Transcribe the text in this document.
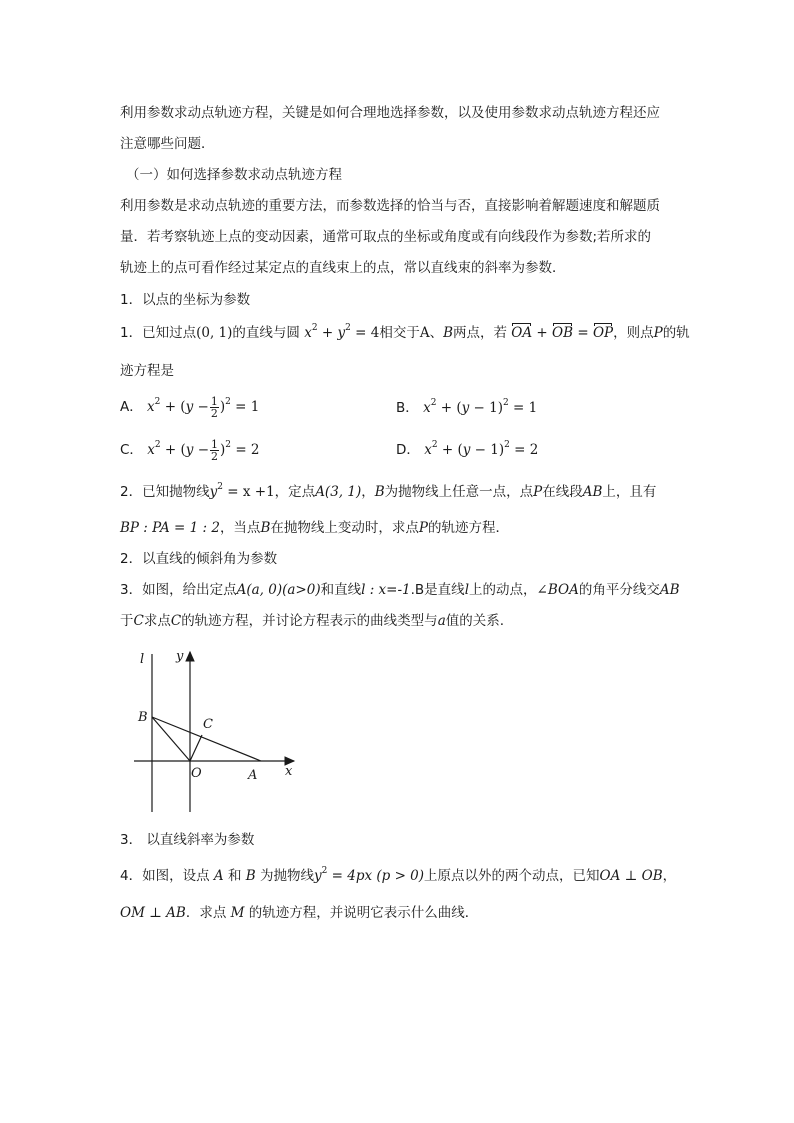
利用参数求动点轨迹方程，关键是如何合理地选择参数，以及使用参数求动点轨迹方程还应
注意哪些问题．
（一）如何选择参数求动点轨迹方程
利用参数是求动点轨迹的重要方法，而参数选择的恰当与否，直接影响着解题速度和解题质
量．若考察轨迹上点的变动因素，通常可取点的坐标或角度或有向线段作为参数;若所求的
轨迹上的点可看作经过某定点的直线束上的点，常以直线束的斜率为参数．
1．以点的坐标为参数
1．已知过点(0, 1)的直线与圆 $x^2 + y^2 = 4$相交于A、B两点，若 OA + OB = OP，则点P的轨
迹方程是
A． $x^2 + (y - \frac{1}{2} )^2 = 1$	B． $x^2 + (y - 1)^2 = 1$
C． $x^2 + (y - \frac{1}{2} )^2 = 2$	D． $x^2 + (y - 1)^2 = 2$
2．已知抛物线$y^2 = x +1$，定点A(3, 1)，B为抛物线上任意一点，点P在线段AB上，且有
BP : PA = 1 : 2，当点B在抛物线上变动时，求点P的轨迹方程．
2．以直线的倾斜角为参数
3．如图，给出定点A(a, 0)(a>0)和直线l : x=-1.B是直线l上的动点，∠BOA的角平分线交AB
于C求点C的轨迹方程，并讨论方程表示的曲线类型与a值的关系.
l y
B	C
O	A x
3． 以直线斜率为参数
4．如图，设点 A 和 B 为抛物线$y^2 = 4px$ (p > 0)上原点以外的两个动点，已知OA ⊥ OB，
OM ⊥ AB．求点 M 的轨迹方程，并说明它表示什么曲线．
